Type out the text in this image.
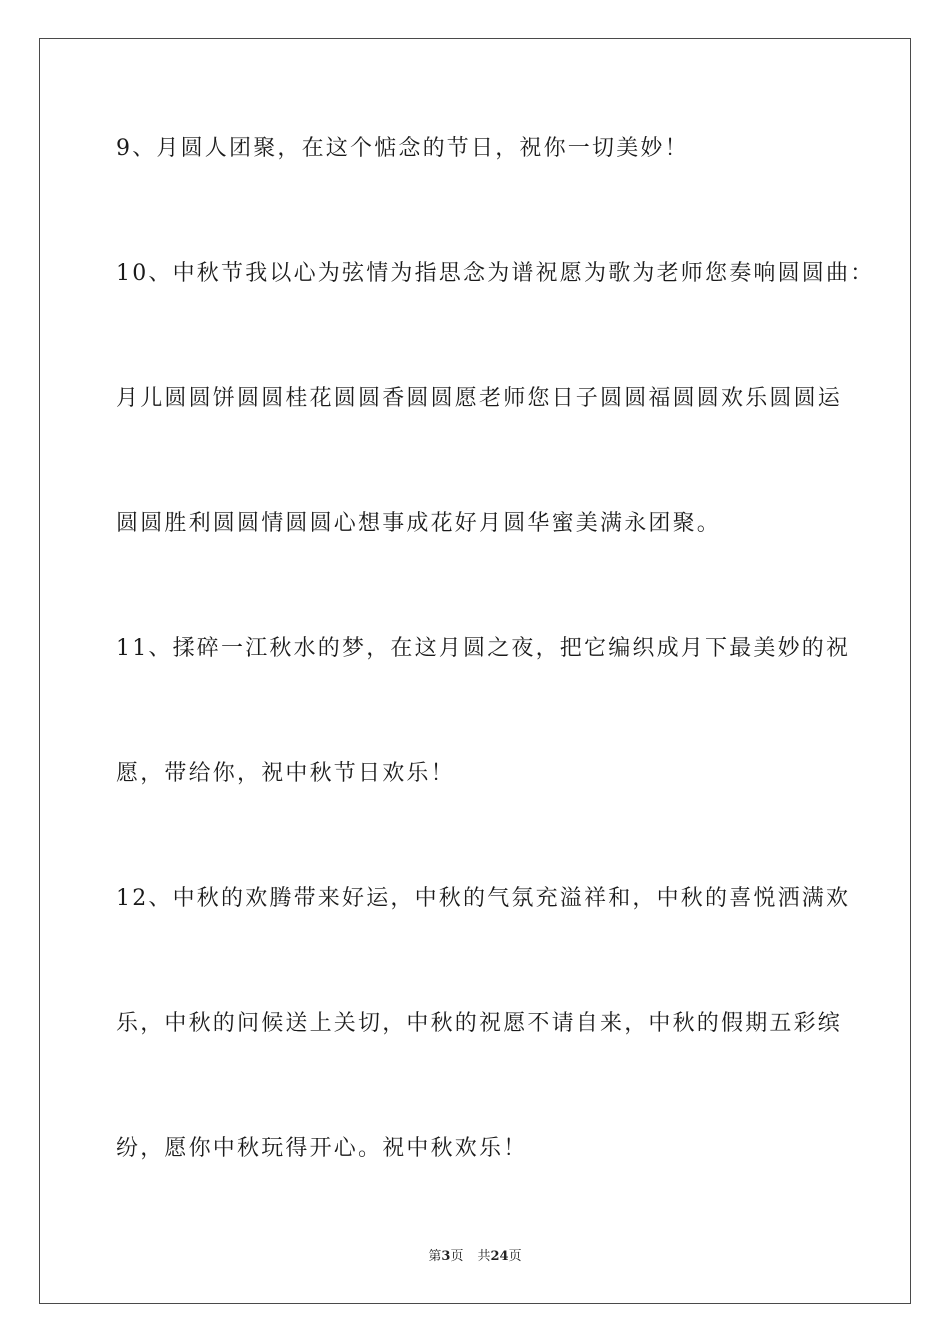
9、月圆人团聚，在这个惦念的节日，祝你一切美妙！
10、中秋节我以心为弦情为指思念为谱祝愿为歌为老师您奏响圆圆曲：
月儿圆圆饼圆圆桂花圆圆香圆圆愿老师您日子圆圆福圆圆欢乐圆圆运
圆圆胜利圆圆情圆圆心想事成花好月圆华蜜美满永团聚。
11、揉碎一江秋水的梦，在这月圆之夜，把它编织成月下最美妙的祝
愿，带给你，祝中秋节日欢乐！
12、中秋的欢腾带来好运，中秋的气氛充溢祥和，中秋的喜悦洒满欢
乐，中秋的问候送上关切，中秋的祝愿不请自来，中秋的假期五彩缤
纷，愿你中秋玩得开心。祝中秋欢乐！
第3页 共24页
